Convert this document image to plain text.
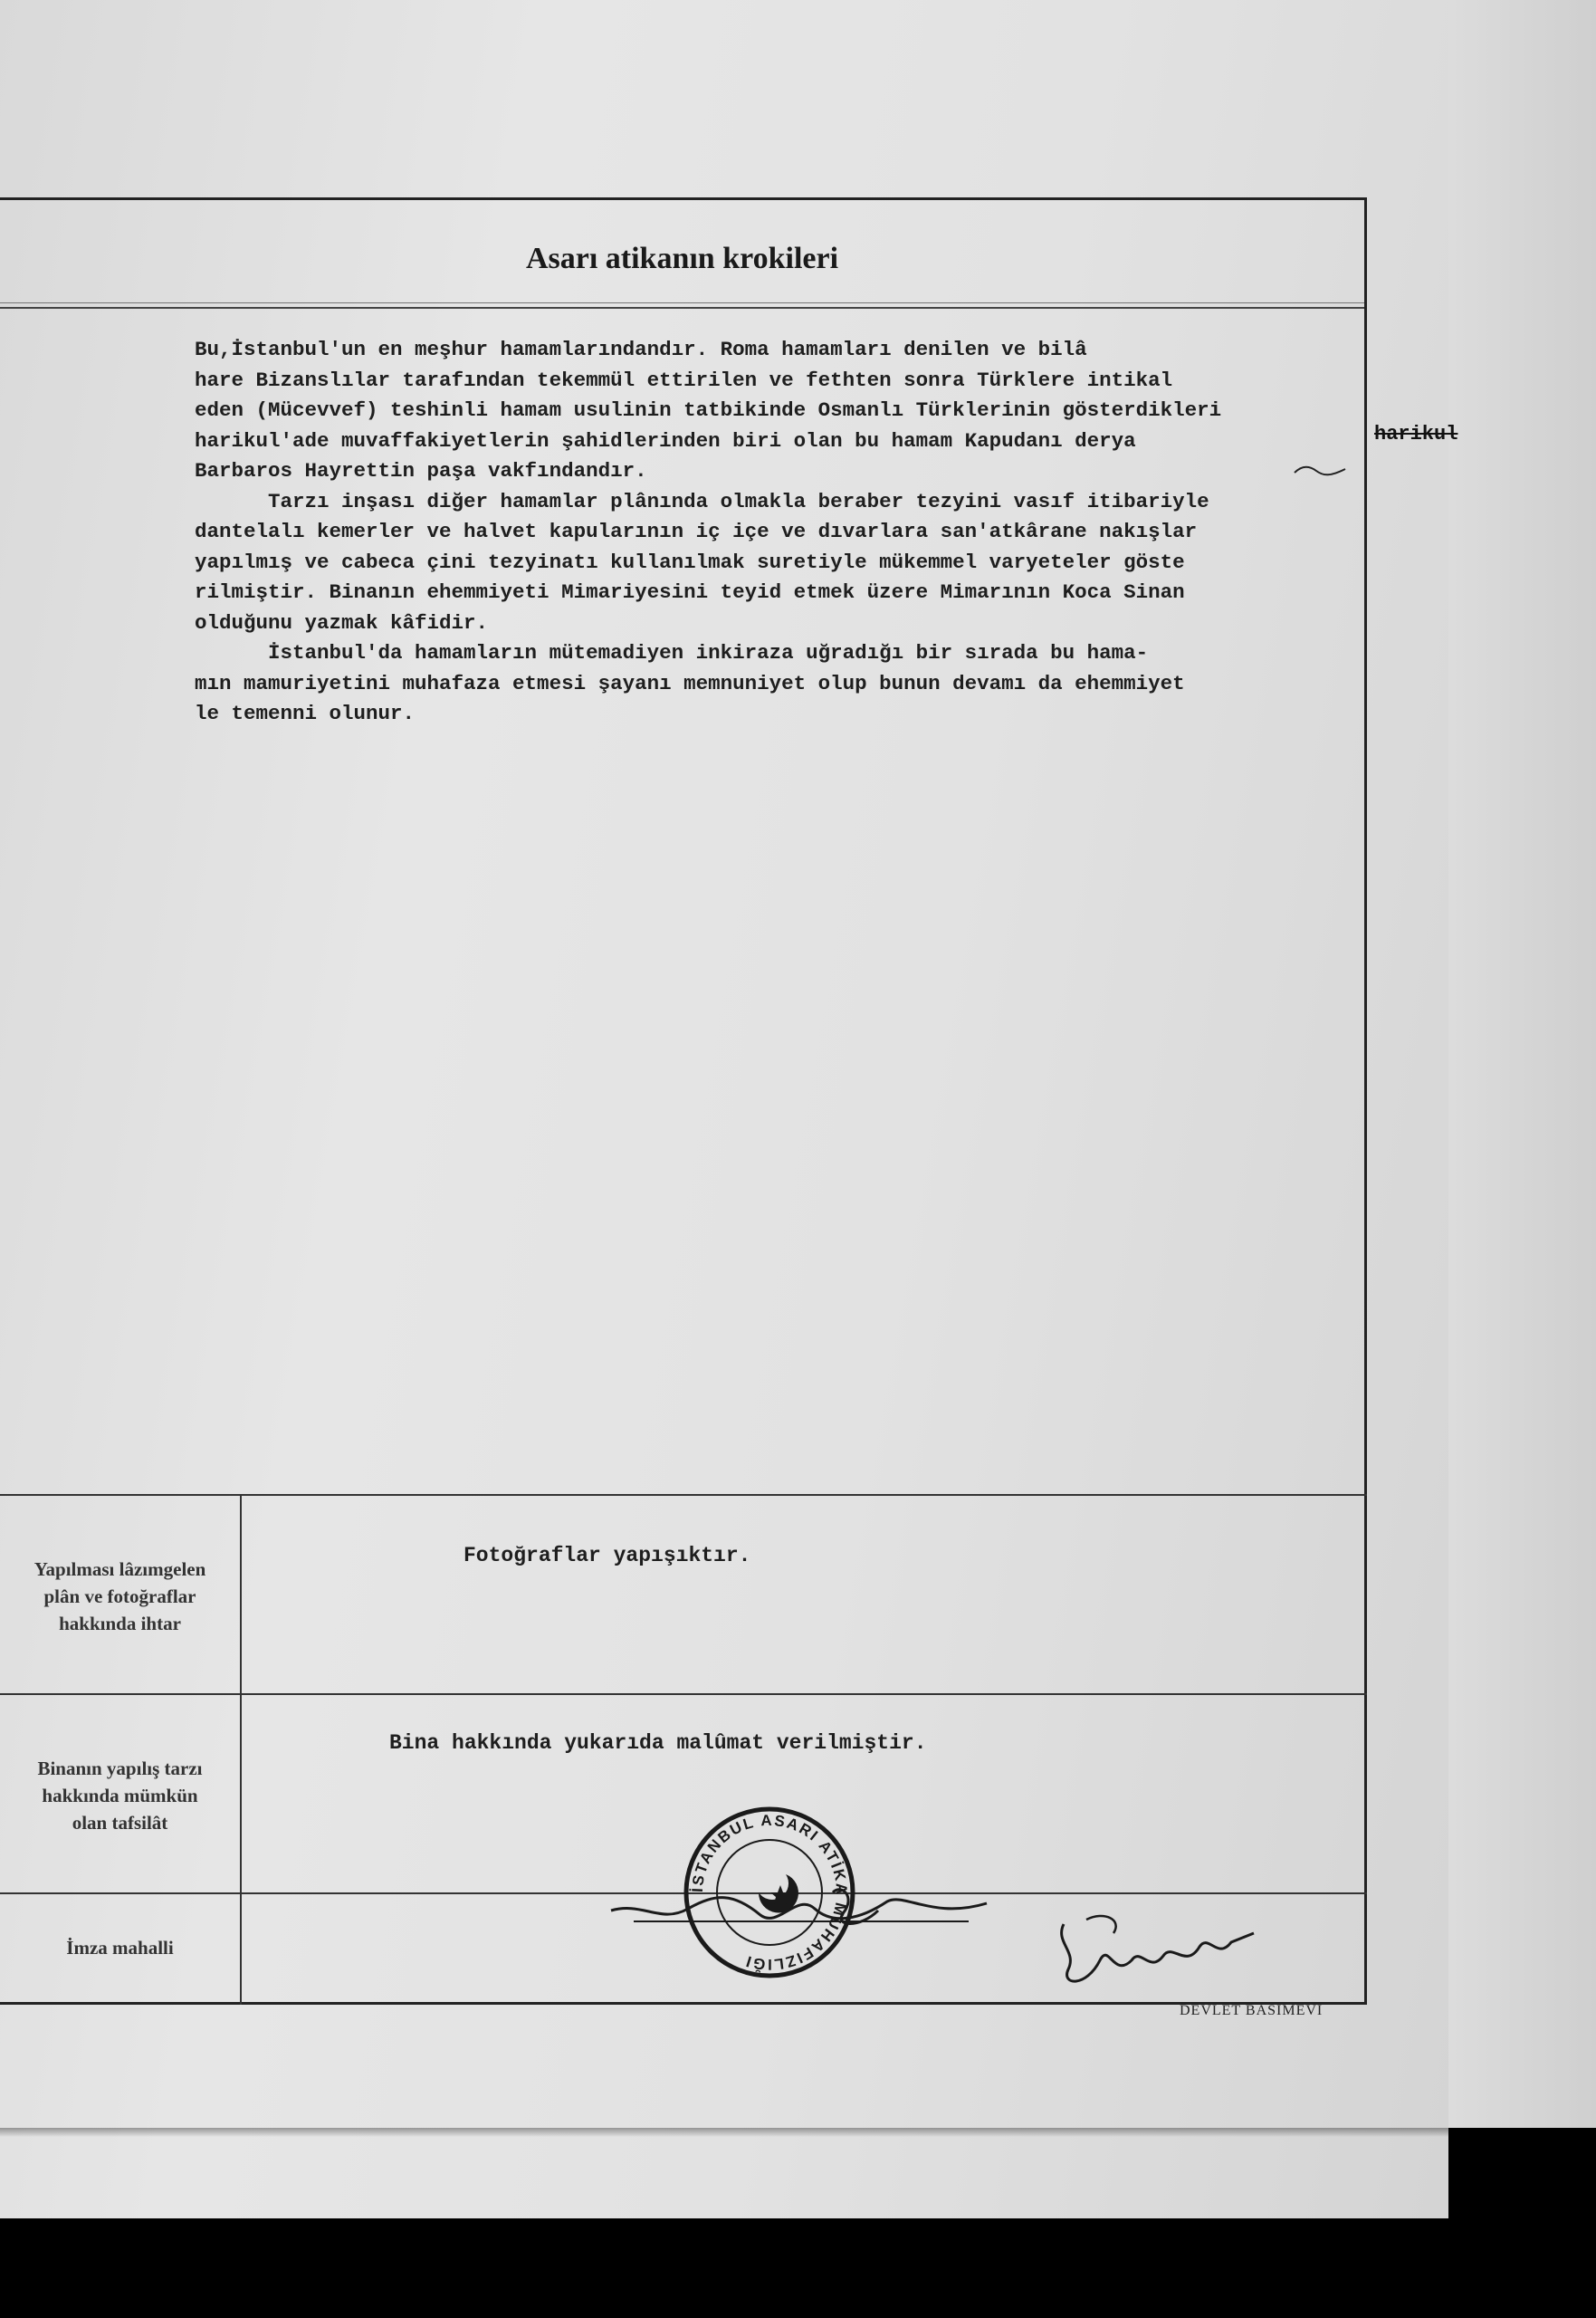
Asarı atikanın krokileri
Bu,İstanbul'un en meşhur hamamlarındandır. Roma hamamları denilen ve bilâ
hare Bizanslılar tarafından tekemmül ettirilen ve fethten sonra Türklere intikal
eden (Mücevvef) teshinli hamam usulinin tatbikinde Osmanlı Türklerinin gösterdikleri
harikul'ade muvaffakiyetlerin şahidlerinden biri olan bu hamam Kapudanı derya
Barbaros Hayrettin paşa vakfındandır.
Tarzı inşası diğer hamamlar plânında olmakla beraber tezyini vasıf itibariyle
dantelalı kemerler ve halvet kapularının iç içe ve dıvarlara san'atkârane nakışlar
yapılmış ve cabeca çini tezyinatı kullanılmak suretiyle mükemmel varyeteler göste
rilmiştir. Binanın ehemmiyeti Mimariyesini teyid etmek üzere Mimarının Koca Sinan
olduğunu yazmak kâfidir.
İstanbul'da hamamların mütemadiyen inkiraza uğradığı bir sırada bu hama-
mın mamuriyetini muhafaza etmesi şayanı memnuniyet olup bunun devamı da ehemmiyet
le temenni olunur.
harikul
Yapılması lâzımgelen
plân ve fotoğraflar
hakkında ihtar
Binanın yapılış tarzı
hakkında mümkün
olan tafsilât
İmza mahalli
Fotoğraflar yapışıktır.
Bina hakkında yukarıda malûmat verilmiştir.
İSTANBUL ASARI ATİKA MUHAFIZLIĞI
DEVLET BASIMEVİ
